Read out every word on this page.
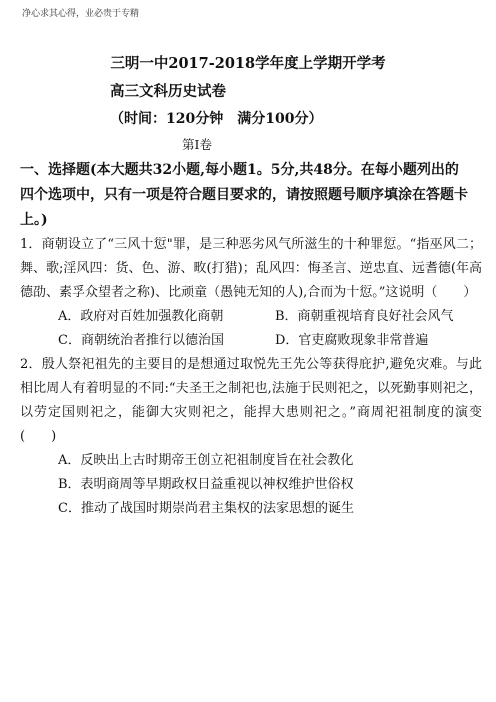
净心求其心得，业必贵于专精
三明一中2017-2018学年度上学期开学考
高三文科历史试卷
（时间：120分钟　满分100分）
第Ⅰ卷

一、选择题(本大题共32小题,每小题1。5分,共48分。在每小题列出的
四个选项中，只有一项是符合题目要求的，请按照题号顺序填涂在答题卡上。)

1．商朝设立了“三风十愆"罪，是三种恶劣风气所滋生的十种罪愆。“指巫风二；舞、歌;淫风四：货、色、游、畋(打猎)；乱风四：悔圣言、逆忠直、远耆德(年高德劭、素孚众望者之称)、比顽童（愚钝无知的人),合而为十愆。”这说明（　　）

A．政府对百姓加强教化商朝	B．商朝重视培育良好社会风气
C．商朝统治者推行以德治国	D．官吏腐败现象非常普遍

2．殷人祭祀祖先的主要目的是想通过取悦先王先公等获得庇护,避免灾难。与此相比周人有着明显的不同:“夫圣王之制祀也,法施于民则祀之，以死勤事则祀之，以劳定国则祀之，能御大灾则祀之，能捍大患则祀之。”商周祀祖制度的演变(　　)

A．反映出上古时期帝王创立祀祖制度旨在社会教化
B．表明商周等早期政权日益重视以神权维护世俗权
C．推动了战国时期崇尚君主集权的法家思想的诞生
